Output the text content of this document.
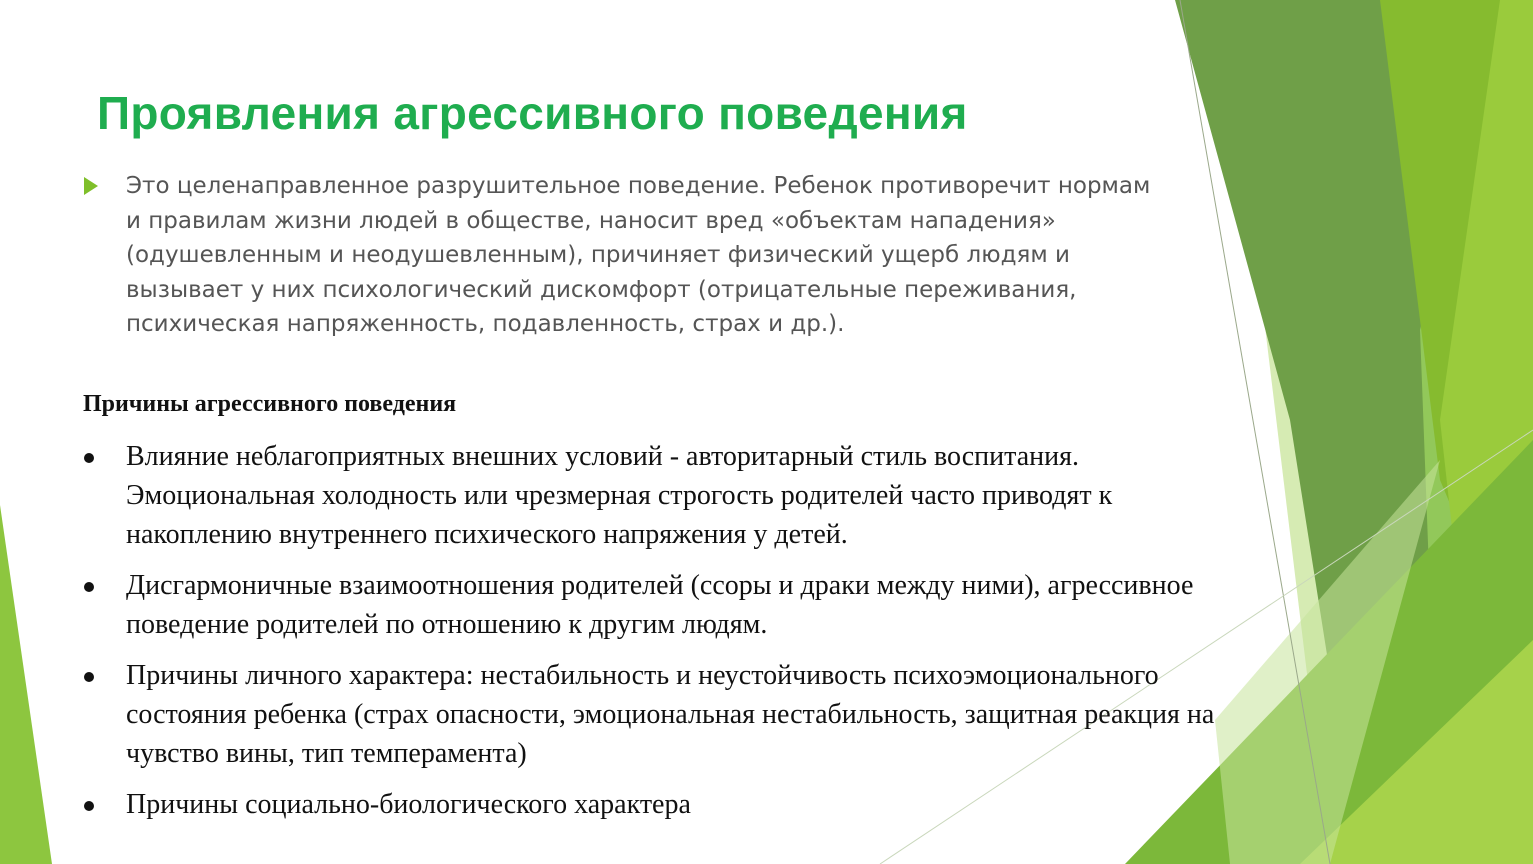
Проявления агрессивного поведения
Это целенаправленное разрушительное поведение. Ребенок противоречит нормам и правилам жизни людей в обществе, наносит вред «объектам нападения» (одушевленным и неодушевленным), причиняет физический ущерб людям и вызывает у них психологический дискомфорт (отрицательные переживания, психическая напряженность, подавленность, страх и др.).
Причины агрессивного поведения
Влияние неблагоприятных внешних условий - авторитарный стиль воспитания. Эмоциональная холодность или чрезмерная строгость родителей часто приводят к накоплению внутреннего психического напряжения у детей.
Дисгармоничные взаимоотношения родителей (ссоры и драки между ними), агрессивное поведение родителей по отношению к другим людям.
Причины личного характера: нестабильность и неустойчивость психоэмоционального состояния ребенка (страх опасности, эмоциональная нестабильность, защитная реакция на чувство вины, тип темперамента)
Причины социально-биологического характера
